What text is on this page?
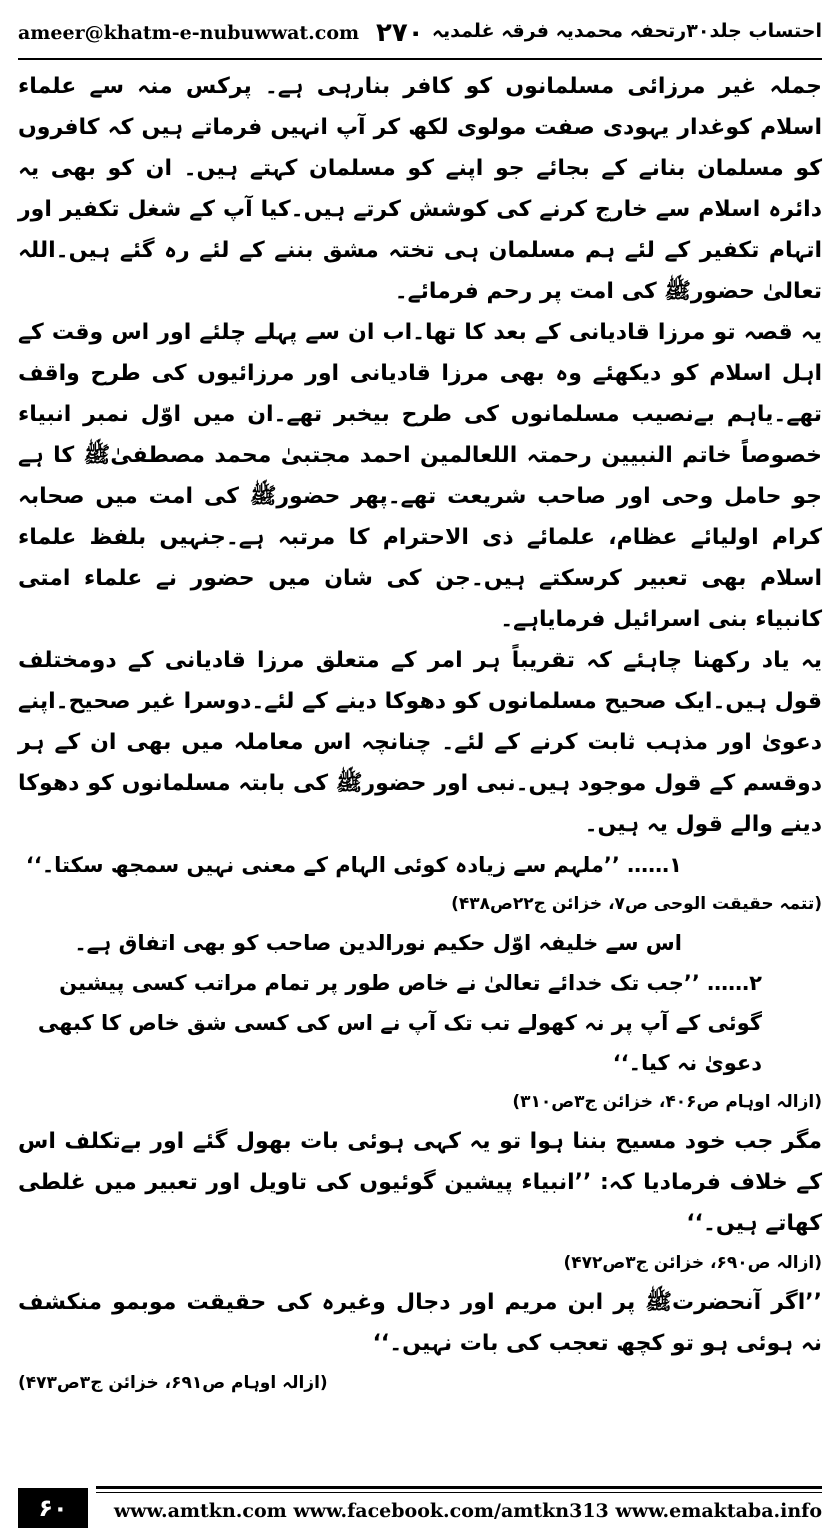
ameer@khatm-e-nubuwwat.com ۲۷۰ احتساب جلد۳۰رتحفہ محمدیہ فرقہ غلمدیہ

جملہ غیر مرزائی مسلمانوں کو کافر بنارہی ہے۔ پرکس منہ سے علماء اسلام کوغدار یہودی صفت مولوی لکھ کر آپ انہیں فرماتے ہیں کہ کافروں کو مسلمان بنانے کے بجائے جو اپنے کو مسلمان کہتے ہیں۔ ان کو بھی یہ دائرہ اسلام سے خارج کرنے کی کوشش کرتے ہیں۔کیا آپ کے شغل تکفیر اور اتہام تکفیر کے لئے ہم مسلمان ہی تختہ مشق بننے کے لئے رہ گئے ہیں۔اللہ تعالیٰ حضورﷺ کی امت پر رحم فرمائے۔

یہ قصہ تو مرزا قادیانی کے بعد کا تھا۔اب ان سے پہلے چلئے اور اس وقت کے اہل اسلام کو دیکھئے وہ بھی مرزا قادیانی اور مرزائیوں کی طرح واقف تھے۔یاہم بےنصیب مسلمانوں کی طرح بیخبر تھے۔ان میں اوّل نمبر انبیاء خصوصاً خاتم النبیین رحمتہ اللعالمین احمد مجتبیٰ محمد مصطفیٰﷺ کا ہے جو حامل وحی اور صاحب شریعت تھے۔پھر حضورﷺ کی امت میں صحابہ کرام اولیائے عظام، علمائے ذی الاحترام کا مرتبہ ہے۔جنہیں بلفظ علماء اسلام بھی تعبیر کرسکتے ہیں۔جن کی شان میں حضور نے علماء امتی کانبیاء بنی اسرائیل فرمایاہے۔

یہ یاد رکھنا چاہئے کہ تقریباً ہر امر کے متعلق مرزا قادیانی کے دومختلف قول ہیں۔ایک صحیح مسلمانوں کو دھوکا دینے کے لئے۔دوسرا غیر صحیح۔اپنے دعویٰ اور مذہب ثابت کرنے کے لئے۔ چنانچہ اس معاملہ میں بھی ان کے ہر دوقسم کے قول موجود ہیں۔نبی اور حضورﷺ کی بابتہ مسلمانوں کو دھوکا دینے والے قول یہ ہیں۔

۱…… ’’ملہم سے زیادہ کوئی الہام کے معنی نہیں سمجھ سکتا۔‘‘

(تتمہ حقیقت الوحی ص۷، خزائن ج۲۲ص۴۳۸)

اس سے خلیفہ اوّل حکیم نورالدین صاحب کو بھی اتفاق ہے۔

۲…… ’’جب تک خدائے تعالیٰ نے خاص طور پر تمام مراتب کسی پیشین گوئی کے آپ پر نہ کھولے تب تک آپ نے اس کی کسی شق خاص کا کبھی دعویٰ نہ کیا۔‘‘

(ازالہ اوہام ص۴۰۶، خزائن ج۳ص۳۱۰)

مگر جب خود مسیح بننا ہوا تو یہ کہی ہوئی بات بھول گئے اور بےتکلف اس کے خلاف فرمادیا کہ: ’’انبیاء پیشین گوئیوں کی تاویل اور تعبیر میں غلطی کھاتے ہیں۔‘‘

(ازالہ ص۶۹۰، خزائن ج۳ص۴۷۲)

’’اگر آنحضرتﷺ پر ابن مریم اور دجال وغیرہ کی حقیقت موبمو منکشف نہ ہوئی ہو تو کچھ تعجب کی بات نہیں۔‘‘

(ازالہ اوہام ص۶۹۱، خزائن ج۳ص۴۷۳)

۶۰	www.amtkn.com www.facebook.com/amtkn313 www.emaktaba.info
